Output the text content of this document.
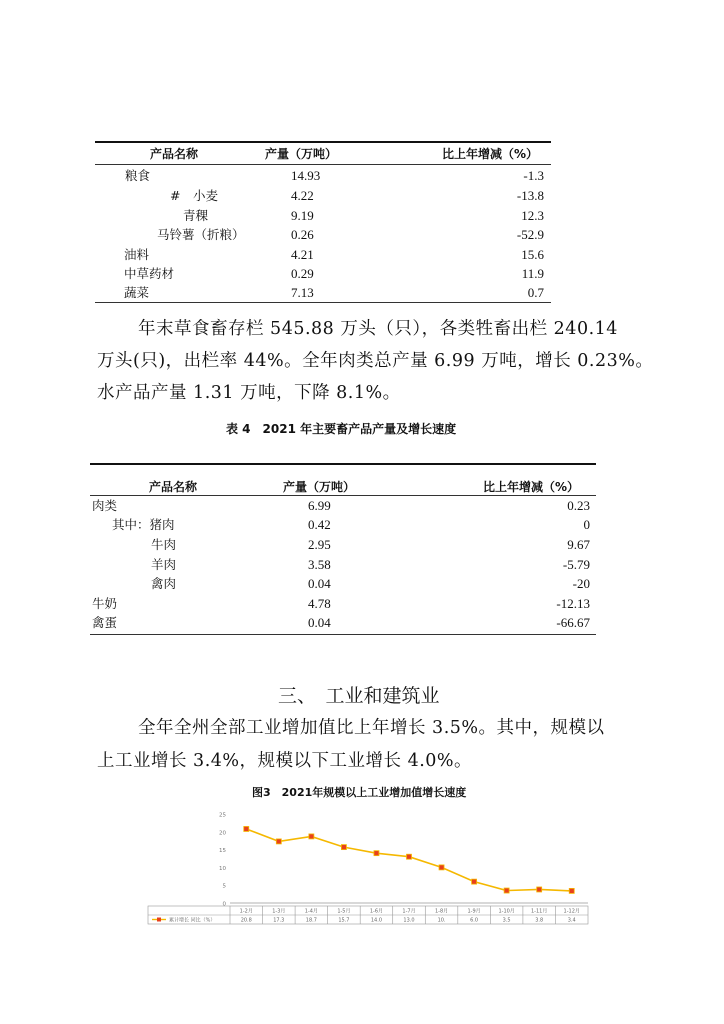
产品名称	产量（万吨）	比上年增减（%）
粮食	14.93	-1.3
#　小麦	4.22	-13.8
青稞	9.19	12.3
马铃薯（折粮）	0.26	-52.9
油料	4.21	15.6
中草药材	0.29	11.9
蔬菜	7.13	0.7
年末草食畜存栏 545.88 万头（只），各类牲畜出栏 240.14
万头(只)，出栏率 44%。全年肉类总产量 6.99 万吨，增长 0.23%。
水产品产量 1.31 万吨，下降 8.1%。
表 4　2021 年主要畜产品产量及增长速度
产品名称	产量（万吨）	比上年增减（%）
肉类	6.99	0.23
其中：猪肉	0.42	0
牛肉	2.95	9.67
羊肉	3.58	-5.79
禽肉	0.04	-20
牛奶	4.78	-12.13
禽蛋	0.04	-66.67
三、　工业和建筑业
全年全州全部工业增加值比上年增长 3.5%。其中，规模以
上工业增长 3.4%，规模以下工业增长 4.0%。
图3　2021年规模以上工业增加值增长速度
25
20
15
10
5
0
1-2月	1-3月	1-4月	1-5月	1-6月	1-7月	1-8月	1-9月	1-10月	1-11月	1-12月
20.8	17.3	18.7	15.7	14.0	13.0	10.	6.0	3.5	3.8	3.4
累计增长 同比（%）
